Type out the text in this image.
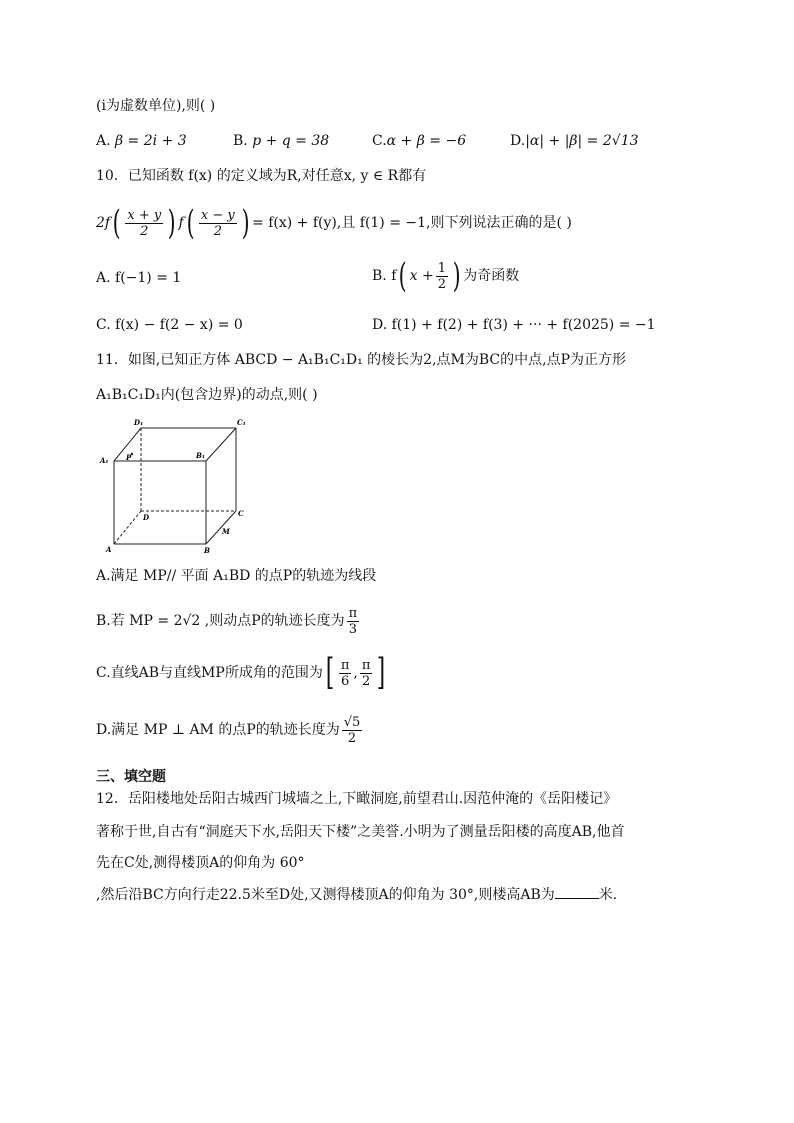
(i为虚数单位),则( )
A. β = 2i + 3	B. p + q = 38	C.α + β = −6	D.|α| + |β| = 2√13
10．已知函数 f(x) 的定义域为R,对任意x, y ∈ R都有
$2f( \frac{x + y}{2}$ ) $f( \frac{x - y}{2}$ ) = f(x) + f(y),且 f(1) = −1,则下列说法正确的是( )
A. f(−1) = 1	B. f( $x + \frac{1}{2}$ ) 为奇函数
C. f(x) − f(2 − x) = 0	D. f(1) + f(2) + f(3) + ··· + f(2025) = −1
11．如图,已知正方体 ABCD − A₁B₁C₁D₁ 的棱长为2,点M为BC的中点,点P为正方形
A₁B₁C₁D₁内(包含边界)的动点,则( )
D₁	C₁
A₁
B₁
P
D	C
A	B
M
A.满足 MP// 平面 A₁BD 的点P的轨迹为线段
B.若 MP = 2√2 ,则动点P的轨迹长度为 $\frac{\pi}{3}$
C.直线AB与直线MP所成角的范围为[ $\frac{\pi}{6}$ , $\frac{\pi}{2}$ ]
D.满足 MP ⊥ AM 的点P的轨迹长度为 $\frac{√5}{2}$
三、填空题
12．岳阳楼地处岳阳古城西门城墙之上,下瞰洞庭,前望君山.因范仲淹的《岳阳楼记》
著称于世,自古有“洞庭天下水,岳阳天下楼”之美誉.小明为了测量岳阳楼的高度AB,他首
先在C处,测得楼顶A的仰角为 60°
,然后沿BC方向行走22.5米至D处,又测得楼顶A的仰角为 30°,则楼高AB为	米.
